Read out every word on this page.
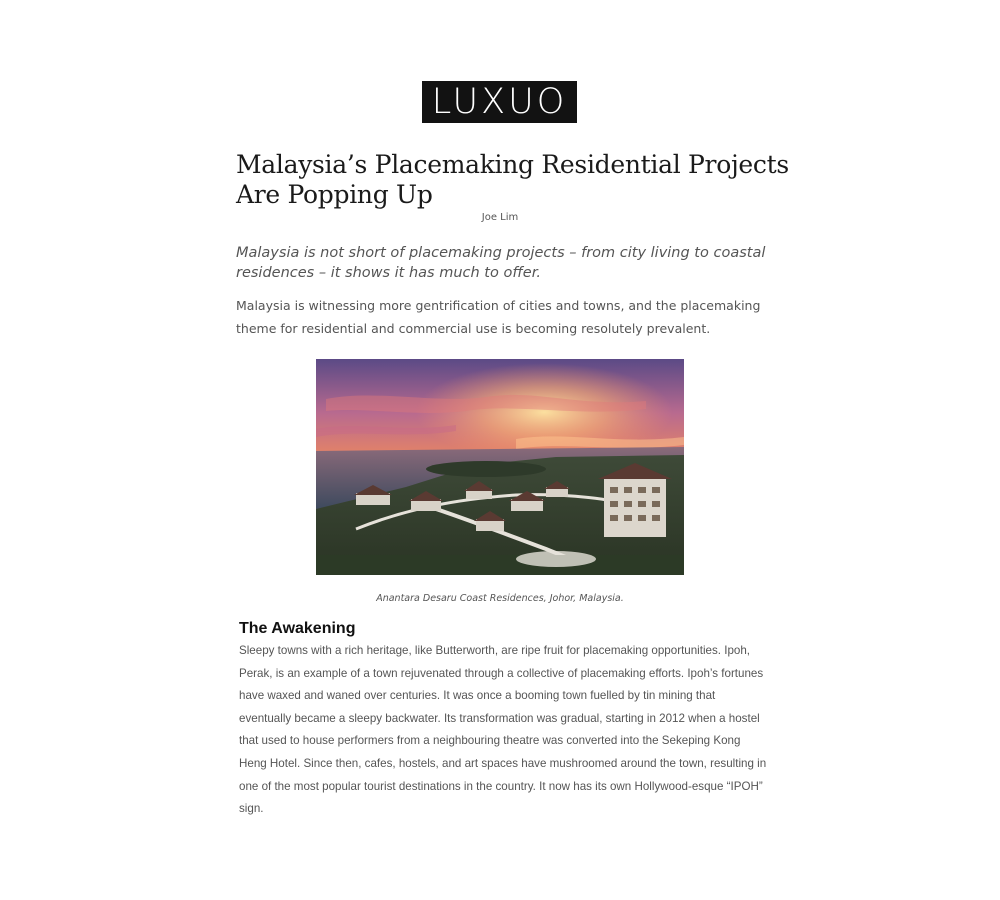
LUXUO
Malaysia’s Placemaking Residential Projects Are Popping Up
Joe Lim

Malaysia is not short of placemaking projects – from city living to coastal residences – it shows it has much to offer.

Malaysia is witnessing more gentrification of cities and towns, and the placemaking theme for residential and commercial use is becoming resolutely prevalent.

Anantara Desaru Coast Residences, Johor, Malaysia.
The Awakening

Sleepy towns with a rich heritage, like Butterworth, are ripe fruit for placemaking opportunities. Ipoh, Perak, is an example of a town rejuvenated through a collective of placemaking efforts. Ipoh’s fortunes have waxed and waned over centuries. It was once a booming town fuelled by tin mining that eventually became a sleepy backwater. Its transformation was gradual, starting in 2012 when a hostel that used to house performers from a neighbouring theatre was converted into the Sekeping Kong Heng Hotel. Since then, cafes, hostels, and art spaces have mushroomed around the town, resulting in one of the most popular tourist destinations in the country. It now has its own Hollywood-esque “IPOH” sign.
